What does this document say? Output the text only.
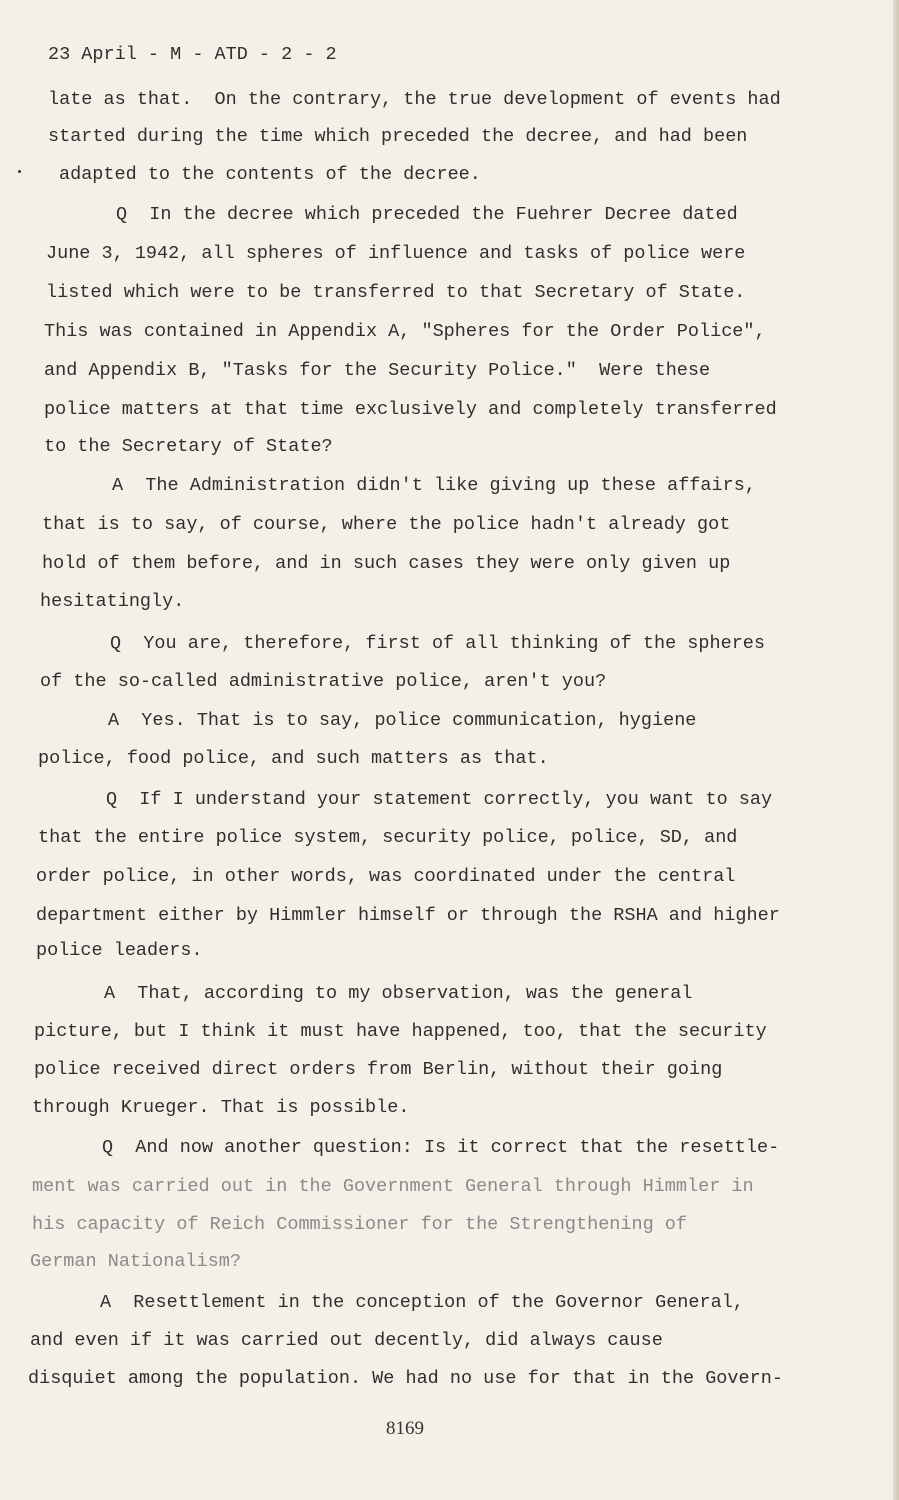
23 April - M - ATD - 2 - 2
late as that.  On the contrary, the true development of events had
started during the time which preceded the decree, and had been
adapted to the contents of the decree.
Q  In the decree which preceded the Fuehrer Decree dated
June 3, 1942, all spheres of influence and tasks of police were
listed which were to be transferred to that Secretary of State.
This was contained in Appendix A, "Spheres for the Order Police",
and Appendix B, "Tasks for the Security Police."  Were these
police matters at that time exclusively and completely transferred
to the Secretary of State?
A  The Administration didn't like giving up these affairs,
that is to say, of course, where the police hadn't already got
hold of them before, and in such cases they were only given up
hesitatingly.
Q  You are, therefore, first of all thinking of the spheres
of the so-called administrative police, aren't you?
A  Yes. That is to say, police communication, hygiene
police, food police, and such matters as that.
Q  If I understand your statement correctly, you want to say
that the entire police system, security police, police, SD, and
order police, in other words, was coordinated under the central
department either by Himmler himself or through the RSHA and higher
police leaders.
A  That, according to my observation, was the general
picture, but I think it must have happened, too, that the security
police received direct orders from Berlin, without their going
through Krueger. That is possible.
Q  And now another question: Is it correct that the resettle-
ment was carried out in the Government General through Himmler in
his capacity of Reich Commissioner for the Strengthening of
German Nationalism?
A  Resettlement in the conception of the Governor General,
and even if it was carried out decently, did always cause
disquiet among the population. We had no use for that in the Govern-
8169
